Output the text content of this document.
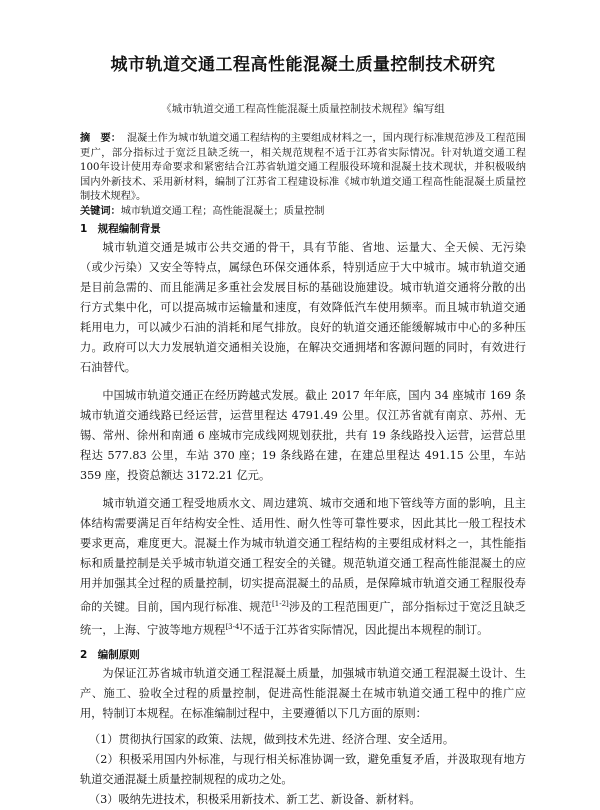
城市轨道交通工程高性能混凝土质量控制技术研究
《城市轨道交通工程高性能混凝土质量控制技术规程》编写组
摘　要： 混凝土作为城市轨道交通工程结构的主要组成材料之一，国内现行标准规范涉及工程范围更广，部分指标过于宽泛且缺乏统一，相关规范规程不适于江苏省实际情况。针对轨道交通工程100年设计使用寿命要求和紧密结合江苏省轨道交通工程服役环境和混凝土技术现状，并积极吸纳国内外新技术、采用新材料，编制了江苏省工程建设标准《城市轨道交通工程高性能混凝土质量控制技术规程》。
关键词：城市轨道交通工程；高性能混凝土；质量控制
1　规程编制背景

城市轨道交通是城市公共交通的骨干，具有节能、省地、运量大、全天候、无污染（或少污染）又安全等特点，属绿色环保交通体系，特别适应于大中城市。城市轨道交通是目前急需的、而且能满足多重社会发展目标的基础设施建设。城市轨道交通将分散的出行方式集中化，可以提高城市运输量和速度，有效降低汽车使用频率。而且城市轨道交通耗用电力，可以减少石油的消耗和尾气排放。良好的轨道交通还能缓解城市中心的多种压力。政府可以大力发展轨道交通相关设施，在解决交通拥堵和客源问题的同时，有效进行石油替代。

中国城市轨道交通正在经历跨越式发展。截止 2017 年年底，国内 34 座城市 169 条城市轨道交通线路已经运营，运营里程达 4791.49 公里。仅江苏省就有南京、苏州、无锡、常州、徐州和南通 6 座城市完成线网规划获批，共有 19 条线路投入运营，运营总里程达 577.83 公里，车站 370 座；19 条线路在建，在建总里程达 491.15 公里，车站 359 座，投资总额达 3172.21 亿元。

城市轨道交通工程受地质水文、周边建筑、城市交通和地下管线等方面的影响，且主体结构需要满足百年结构安全性、适用性、耐久性等可靠性要求，因此其比一般工程技术要求更高，难度更大。混凝土作为城市轨道交通工程结构的主要组成材料之一，其性能指标和质量控制是关乎城市轨道交通工程安全的关键。规范轨道交通工程高性能混凝土的应用并加强其全过程的质量控制，切实提高混凝土的品质，是保障城市轨道交通工程服役寿命的关键。目前，国内现行标准、规范[1-2]涉及的工程范围更广，部分指标过于宽泛且缺乏统一，上海、宁波等地方规程[3-4]不适于江苏省实际情况，因此提出本规程的制订。

2　编制原则

为保证江苏省城市轨道交通工程混凝土质量，加强城市轨道交通工程混凝土设计、生产、施工、验收全过程的质量控制，促进高性能混凝土在城市轨道交通工程中的推广应用，特制订本规程。在标准编制过程中，主要遵循以下几方面的原则：

（1）贯彻执行国家的政策、法规，做到技术先进、经济合理、安全适用。

（2）积极采用国内外标准，与现行相关标准协调一致，避免重复矛盾，并汲取现有地方轨道交通混凝土质量控制规程的成功之处。

（3）吸纳先进技术，积极采用新技术、新工艺、新设备、新材料。
